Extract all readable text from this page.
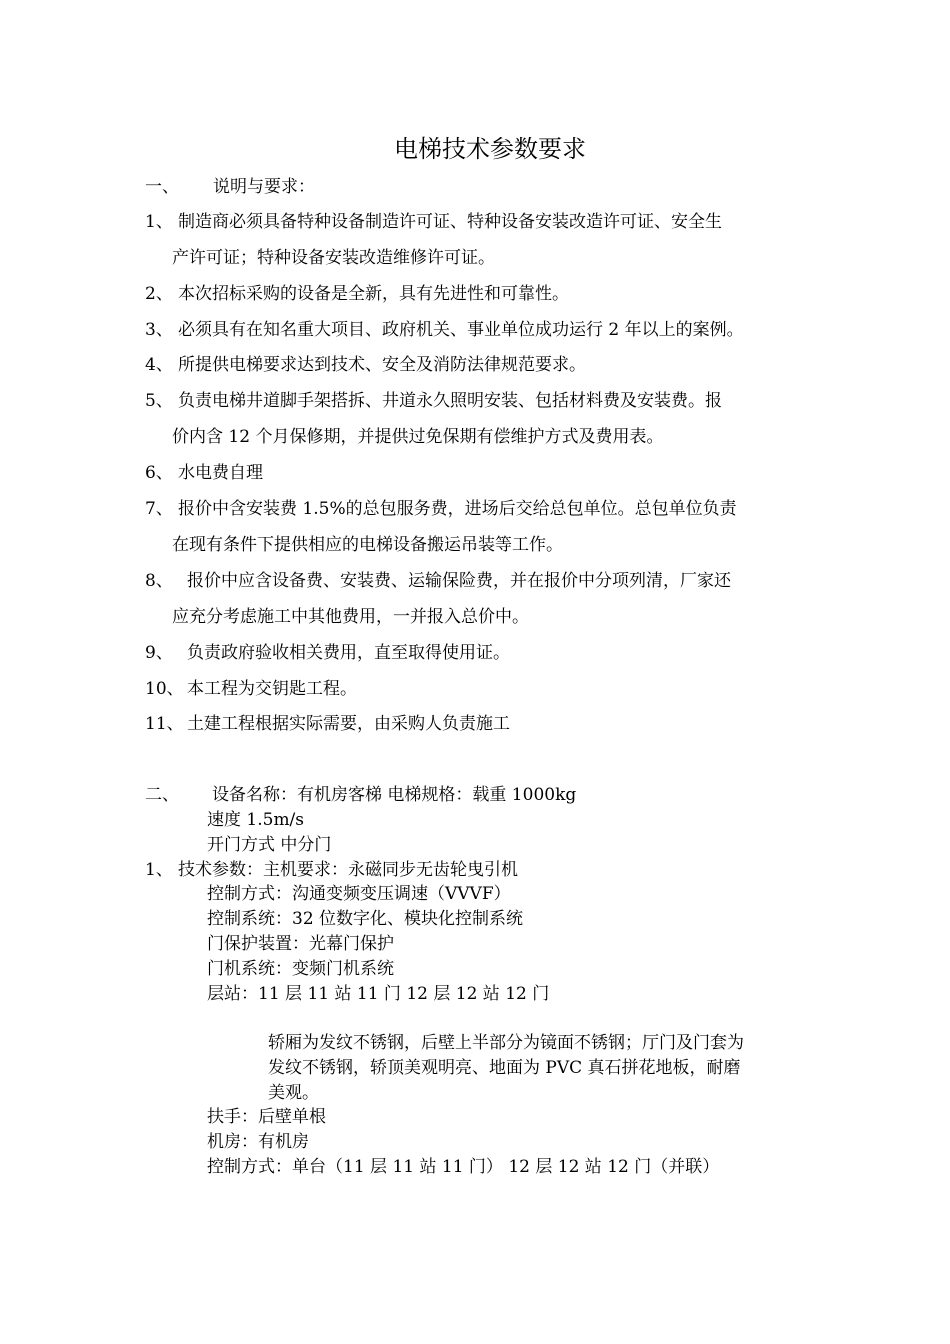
电梯技术参数要求
一、 说明与要求：
1、 制造商必须具备特种设备制造许可证、特种设备安装改造许可证、安全生
产许可证；特种设备安装改造维修许可证。
2、 本次招标采购的设备是全新，具有先进性和可靠性。
3、 必须具有在知名重大项目、政府机关、事业单位成功运行 2 年以上的案例。
4、 所提供电梯要求达到技术、安全及消防法律规范要求。
5、 负责电梯井道脚手架搭拆、井道永久照明安装、包括材料费及安装费。报
价内含 12 个月保修期，并提供过免保期有偿维护方式及费用表。
6、 水电费自理
7、 报价中含安装费 1.5%的总包服务费，进场后交给总包单位。总包单位负责
在现有条件下提供相应的电梯设备搬运吊装等工作。
8、 报价中应含设备费、安装费、运输保险费，并在报价中分项列清，厂家还
应充分考虑施工中其他费用，一并报入总价中。
9、 负责政府验收相关费用，直至取得使用证。
10、 本工程为交钥匙工程。
11、 土建工程根据实际需要，由采购人负责施工
二、 设备名称：有机房客梯 电梯规格：载重 1000kg
速度 1.5m/s
开门方式 中分门
1、 技术参数：主机要求：永磁同步无齿轮曳引机
控制方式：沟通变频变压调速（VVVF）
控制系统：32 位数字化、模块化控制系统
门保护装置：光幕门保护
门机系统：变频门机系统
层站：11 层 11 站 11 门 12 层 12 站 12 门
轿厢为发纹不锈钢，后壁上半部分为镜面不锈钢；厅门及门套为
发纹不锈钢，轿顶美观明亮、地面为 PVC 真石拼花地板，耐磨
美观。
扶手：后壁单根
机房：有机房
控制方式：单台（11 层 11 站 11 门） 12 层 12 站 12 门（并联）
